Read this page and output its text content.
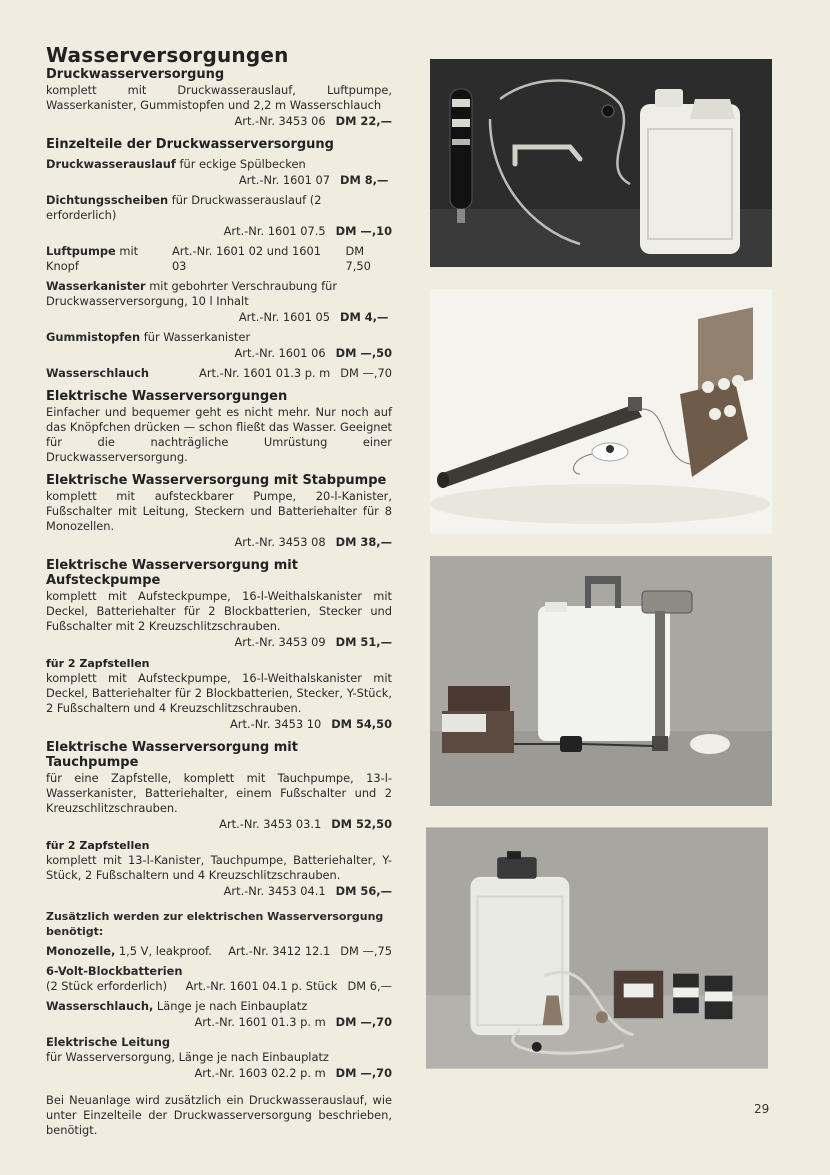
Wasserversorgungen
Druckwasserversorgung
komplett mit Druckwasserauslauf, Luftpumpe, Wasserkanister, Gummistopfen und 2,2 m Wasserschlauch
Art.-Nr. 3453 06 DM 22,—
Einzelteile der Druckwasserversorgung
Druckwasserauslauf für eckige Spülbecken
Art.-Nr. 1601 07 DM 8,—
Dichtungsscheiben für Druckwasserauslauf (2 erforderlich)
Art.-Nr. 1601 07.5 DM —,10
Luftpumpe mit Knopf
Art.-Nr. 1601 02 und 1601 03
DM 7,50
Wasserkanister mit gebohrter Verschraubung für Druckwasserversorgung, 10 l Inhalt
Art.-Nr. 1601 05 DM 4,—
Gummistopfen für Wasserkanister
Art.-Nr. 1601 06 DM —,50
Wasserschlauch	Art.-Nr. 1601 01.3 p. m DM —,70
Elektrische Wasserversorgungen
Einfacher und bequemer geht es nicht mehr. Nur noch auf das Knöpfchen drücken — schon fließt das Wasser. Geeignet für die nachträgliche Umrüstung einer Druckwasserversorgung.
Elektrische Wasserversorgung mit Stabpumpe
komplett mit aufsteckbarer Pumpe, 20-l-Kanister, Fußschalter mit Leitung, Steckern und Batteriehalter für 8 Monozellen.
Art.-Nr. 3453 08 DM 38,—
Elektrische Wasserversorgung mit Aufsteckpumpe
komplett mit Aufsteckpumpe, 16-l-Weithalskanister mit Deckel, Batteriehalter für 2 Blockbatterien, Stecker und Fußschalter mit 2 Kreuzschlitzschrauben.
Art.-Nr. 3453 09 DM 51,—
für 2 Zapfstellen
komplett mit Aufsteckpumpe, 16-l-Weithalskanister mit Deckel, Batteriehalter für 2 Blockbatterien, Stecker, Y-Stück, 2 Fußschaltern und 4 Kreuzschlitzschrauben.
Art.-Nr. 3453 10 DM 54,50
Elektrische Wasserversorgung mit Tauchpumpe
für eine Zapfstelle, komplett mit Tauchpumpe, 13-l-Wasserkanister, Batteriehalter, einem Fußschalter und 2 Kreuzschlitzschrauben.
Art.-Nr. 3453 03.1 DM 52,50
für 2 Zapfstellen
komplett mit 13-l-Kanister, Tauchpumpe, Batteriehalter, Y-Stück, 2 Fußschaltern und 4 Kreuzschlitzschrauben.
Art.-Nr. 3453 04.1 DM 56,—
Zusätzlich werden zur elektrischen Wasserversorgung benötigt:
Monozelle, 1,5 V, leakproof. Art.-Nr. 3412 12.1 DM —,75
6-Volt-Blockbatterien
(2 Stück erforderlich) Art.-Nr. 1601 04.1 p. Stück DM 6,—
Wasserschlauch, Länge je nach Einbauplatz
Art.-Nr. 1601 01.3 p. m DM —,70
Elektrische Leitung
für Wasserversorgung, Länge je nach Einbauplatz
Art.-Nr. 1603 02.2 p. m DM —,70
Bei Neuanlage wird zusätzlich ein Druckwasserauslauf, wie unter Einzelteile der Druckwasserversorgung beschrieben, benötigt.
29
